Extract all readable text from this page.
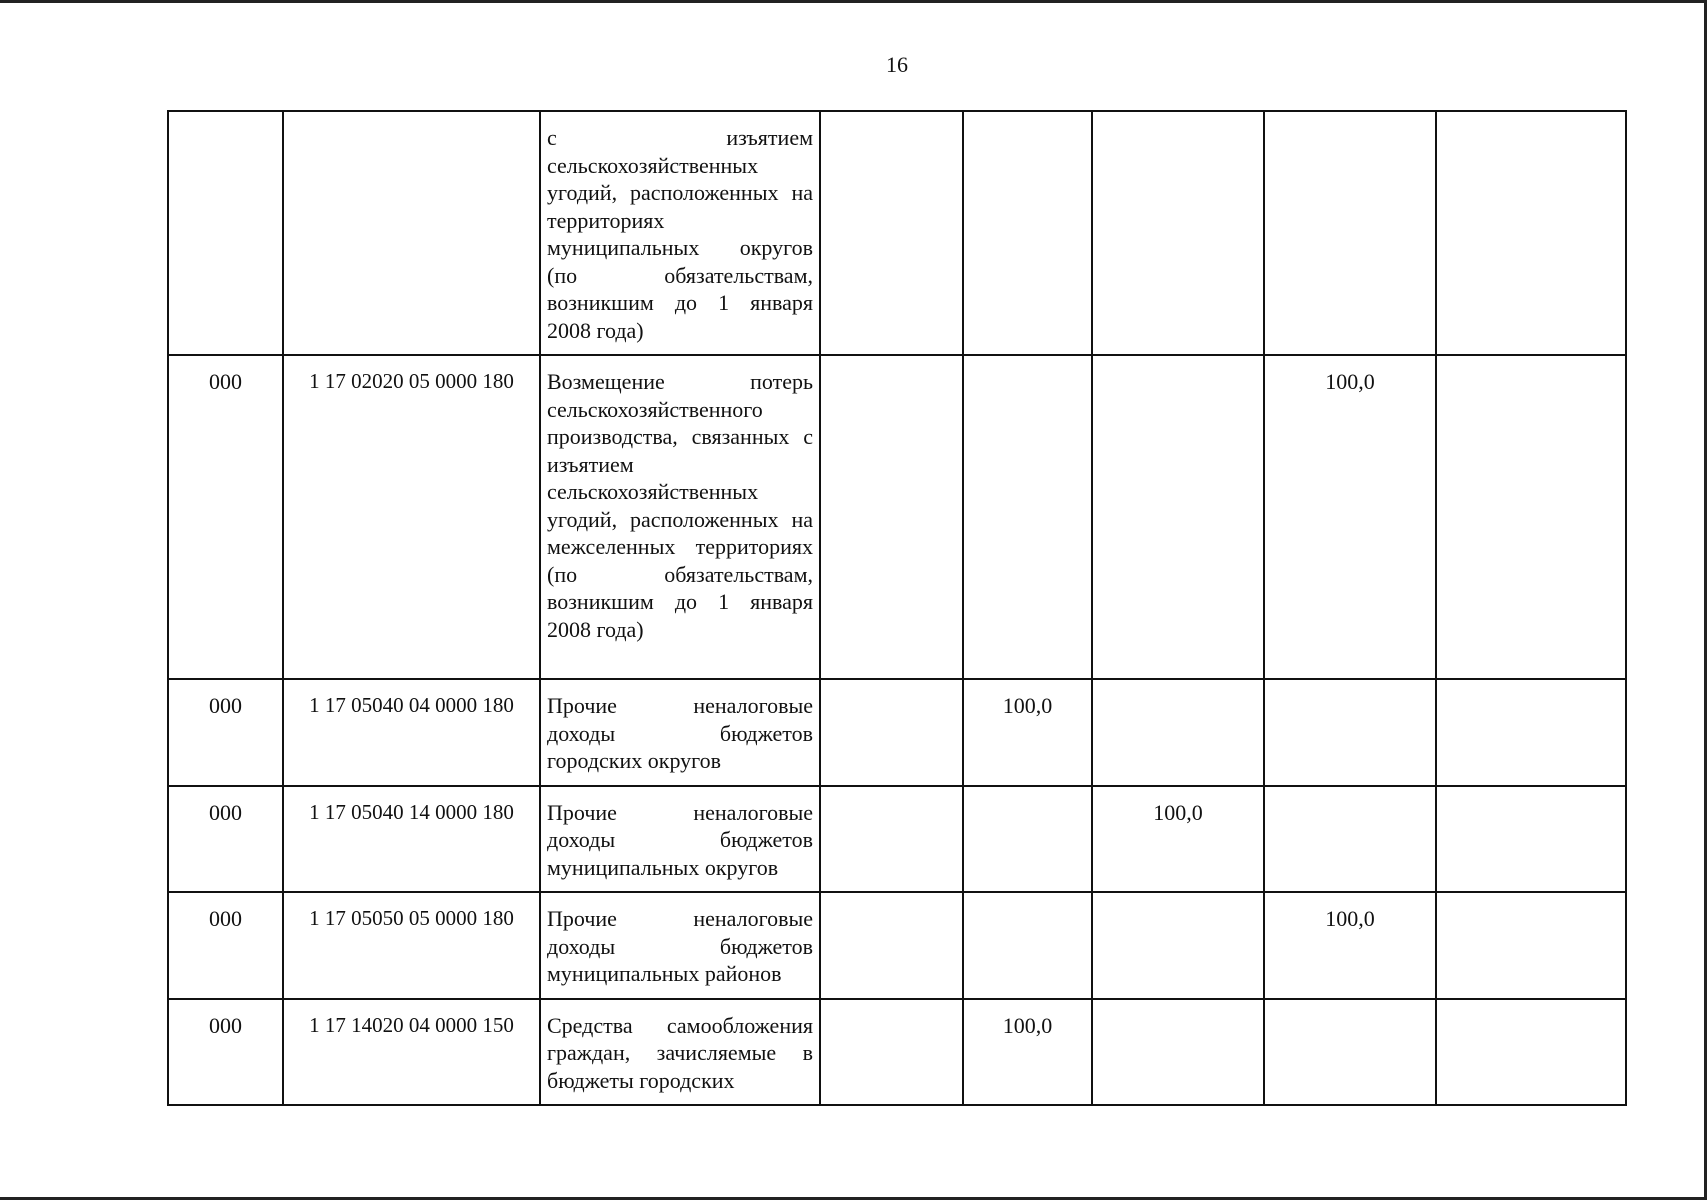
16
		с изъятием сельскохозяйственных угодий, расположенных на территориях муниципальных округов (по обязательствам, возникшим до 1 января 2008 года)					
000	1 17 02020 05 0000 180	Возмещение потерь сельскохозяйственного производства, связанных с изъятием сельскохозяйственных угодий, расположенных на межселенных территориях (по обязательствам, возникшим до 1 января 2008 года)				100,0	
000	1 17 05040 04 0000 180	Прочие неналоговые доходы бюджетов городских округов		100,0			
000	1 17 05040 14 0000 180	Прочие неналоговые доходы бюджетов муниципальных округов			100,0		
000	1 17 05050 05 0000 180	Прочие неналоговые доходы бюджетов муниципальных районов				100,0	
000	1 17 14020 04 0000 150	Средства самообложения граждан, зачисляемые в бюджеты городских		100,0			
